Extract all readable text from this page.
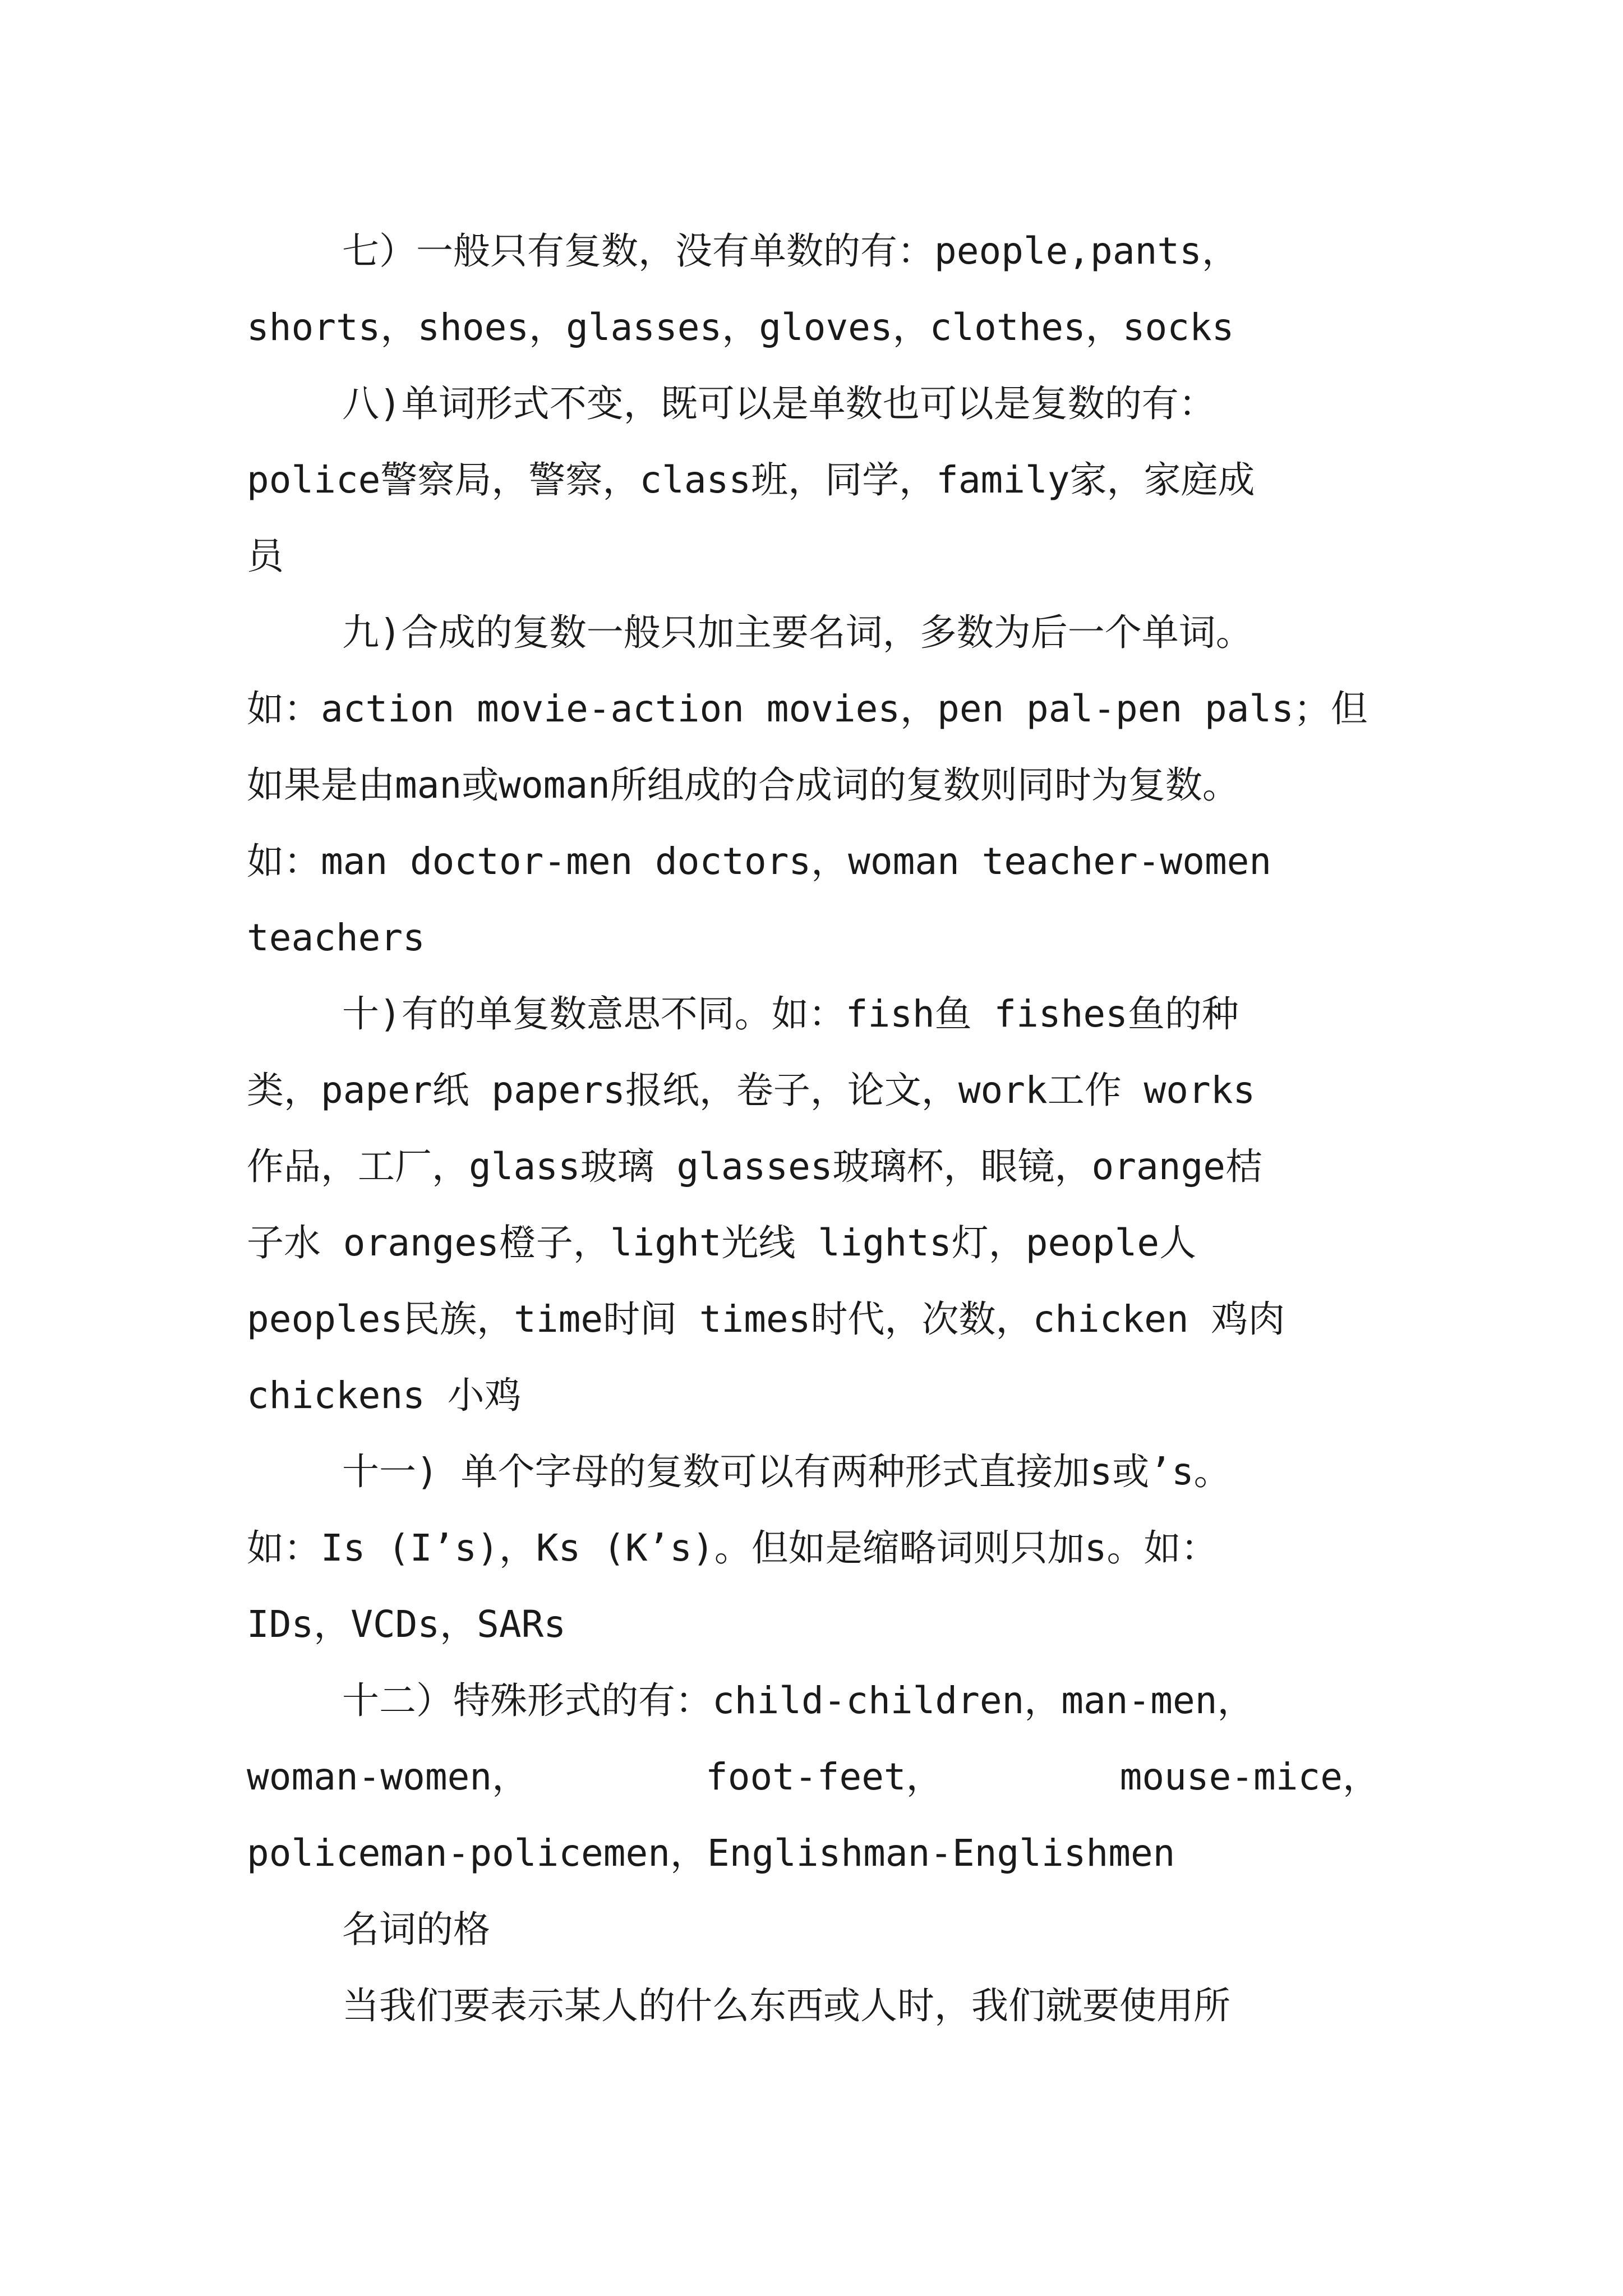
七）一般只有复数，没有单数的有：people,pants，
shorts，shoes，glasses，gloves，clothes，socks
八)单词形式不变，既可以是单数也可以是复数的有：
police警察局，警察，class班，同学，family家，家庭成
员
九)合成的复数一般只加主要名词，多数为后一个单词。
如：action movie-action movies，pen pal-pen pals；但
如果是由man或woman所组成的合成词的复数则同时为复数。
如：man doctor-men doctors，woman teacher-women
teachers
十)有的单复数意思不同。如：fish鱼 fishes鱼的种
类，paper纸 papers报纸，卷子，论文，work工作 works
作品，工厂，glass玻璃 glasses玻璃杯，眼镜，orange桔
子水 oranges橙子，light光线 lights灯，people人
peoples民族，time时间 times时代，次数，chicken 鸡肉
chickens 小鸡
十一) 单个字母的复数可以有两种形式直接加s或’s。
如：Is (I’s)，Ks (K’s)。但如是缩略词则只加s。如：
IDs，VCDs，SARs
十二）特殊形式的有：child-children，man-men，
woman-women，	foot-feet，	mouse-mice，
policeman-policemen，Englishman-Englishmen
名词的格
当我们要表示某人的什么东西或人时，我们就要使用所
